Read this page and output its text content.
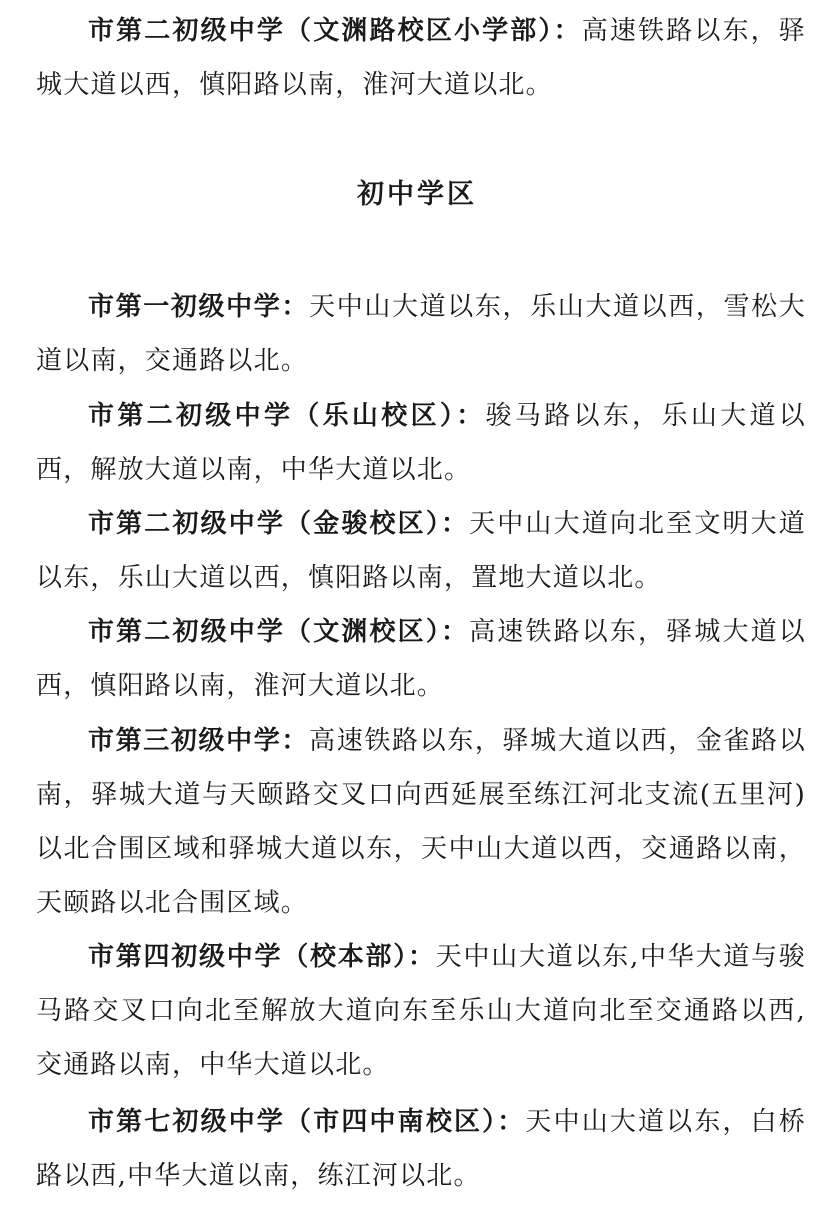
市第二初级中学（文渊路校区小学部）：高速铁路以东，驿城大道以西，慎阳路以南，淮河大道以北。

初中学区

市第一初级中学：天中山大道以东，乐山大道以西，雪松大道以南，交通路以北。

市第二初级中学（乐山校区）：骏马路以东，乐山大道以西，解放大道以南，中华大道以北。

市第二初级中学（金骏校区）：天中山大道向北至文明大道以东，乐山大道以西，慎阳路以南，置地大道以北。

市第二初级中学（文渊校区）：高速铁路以东，驿城大道以西，慎阳路以南，淮河大道以北。

市第三初级中学：高速铁路以东，驿城大道以西，金雀路以南，驿城大道与天颐路交叉口向西延展至练江河北支流(五里河)以北合围区域和驿城大道以东，天中山大道以西，交通路以南，天颐路以北合围区域。

市第四初级中学（校本部）：天中山大道以东,中华大道与骏马路交叉口向北至解放大道向东至乐山大道向北至交通路以西,交通路以南，中华大道以北。

市第七初级中学（市四中南校区）：天中山大道以东，白桥路以西,中华大道以南，练江河以北。
